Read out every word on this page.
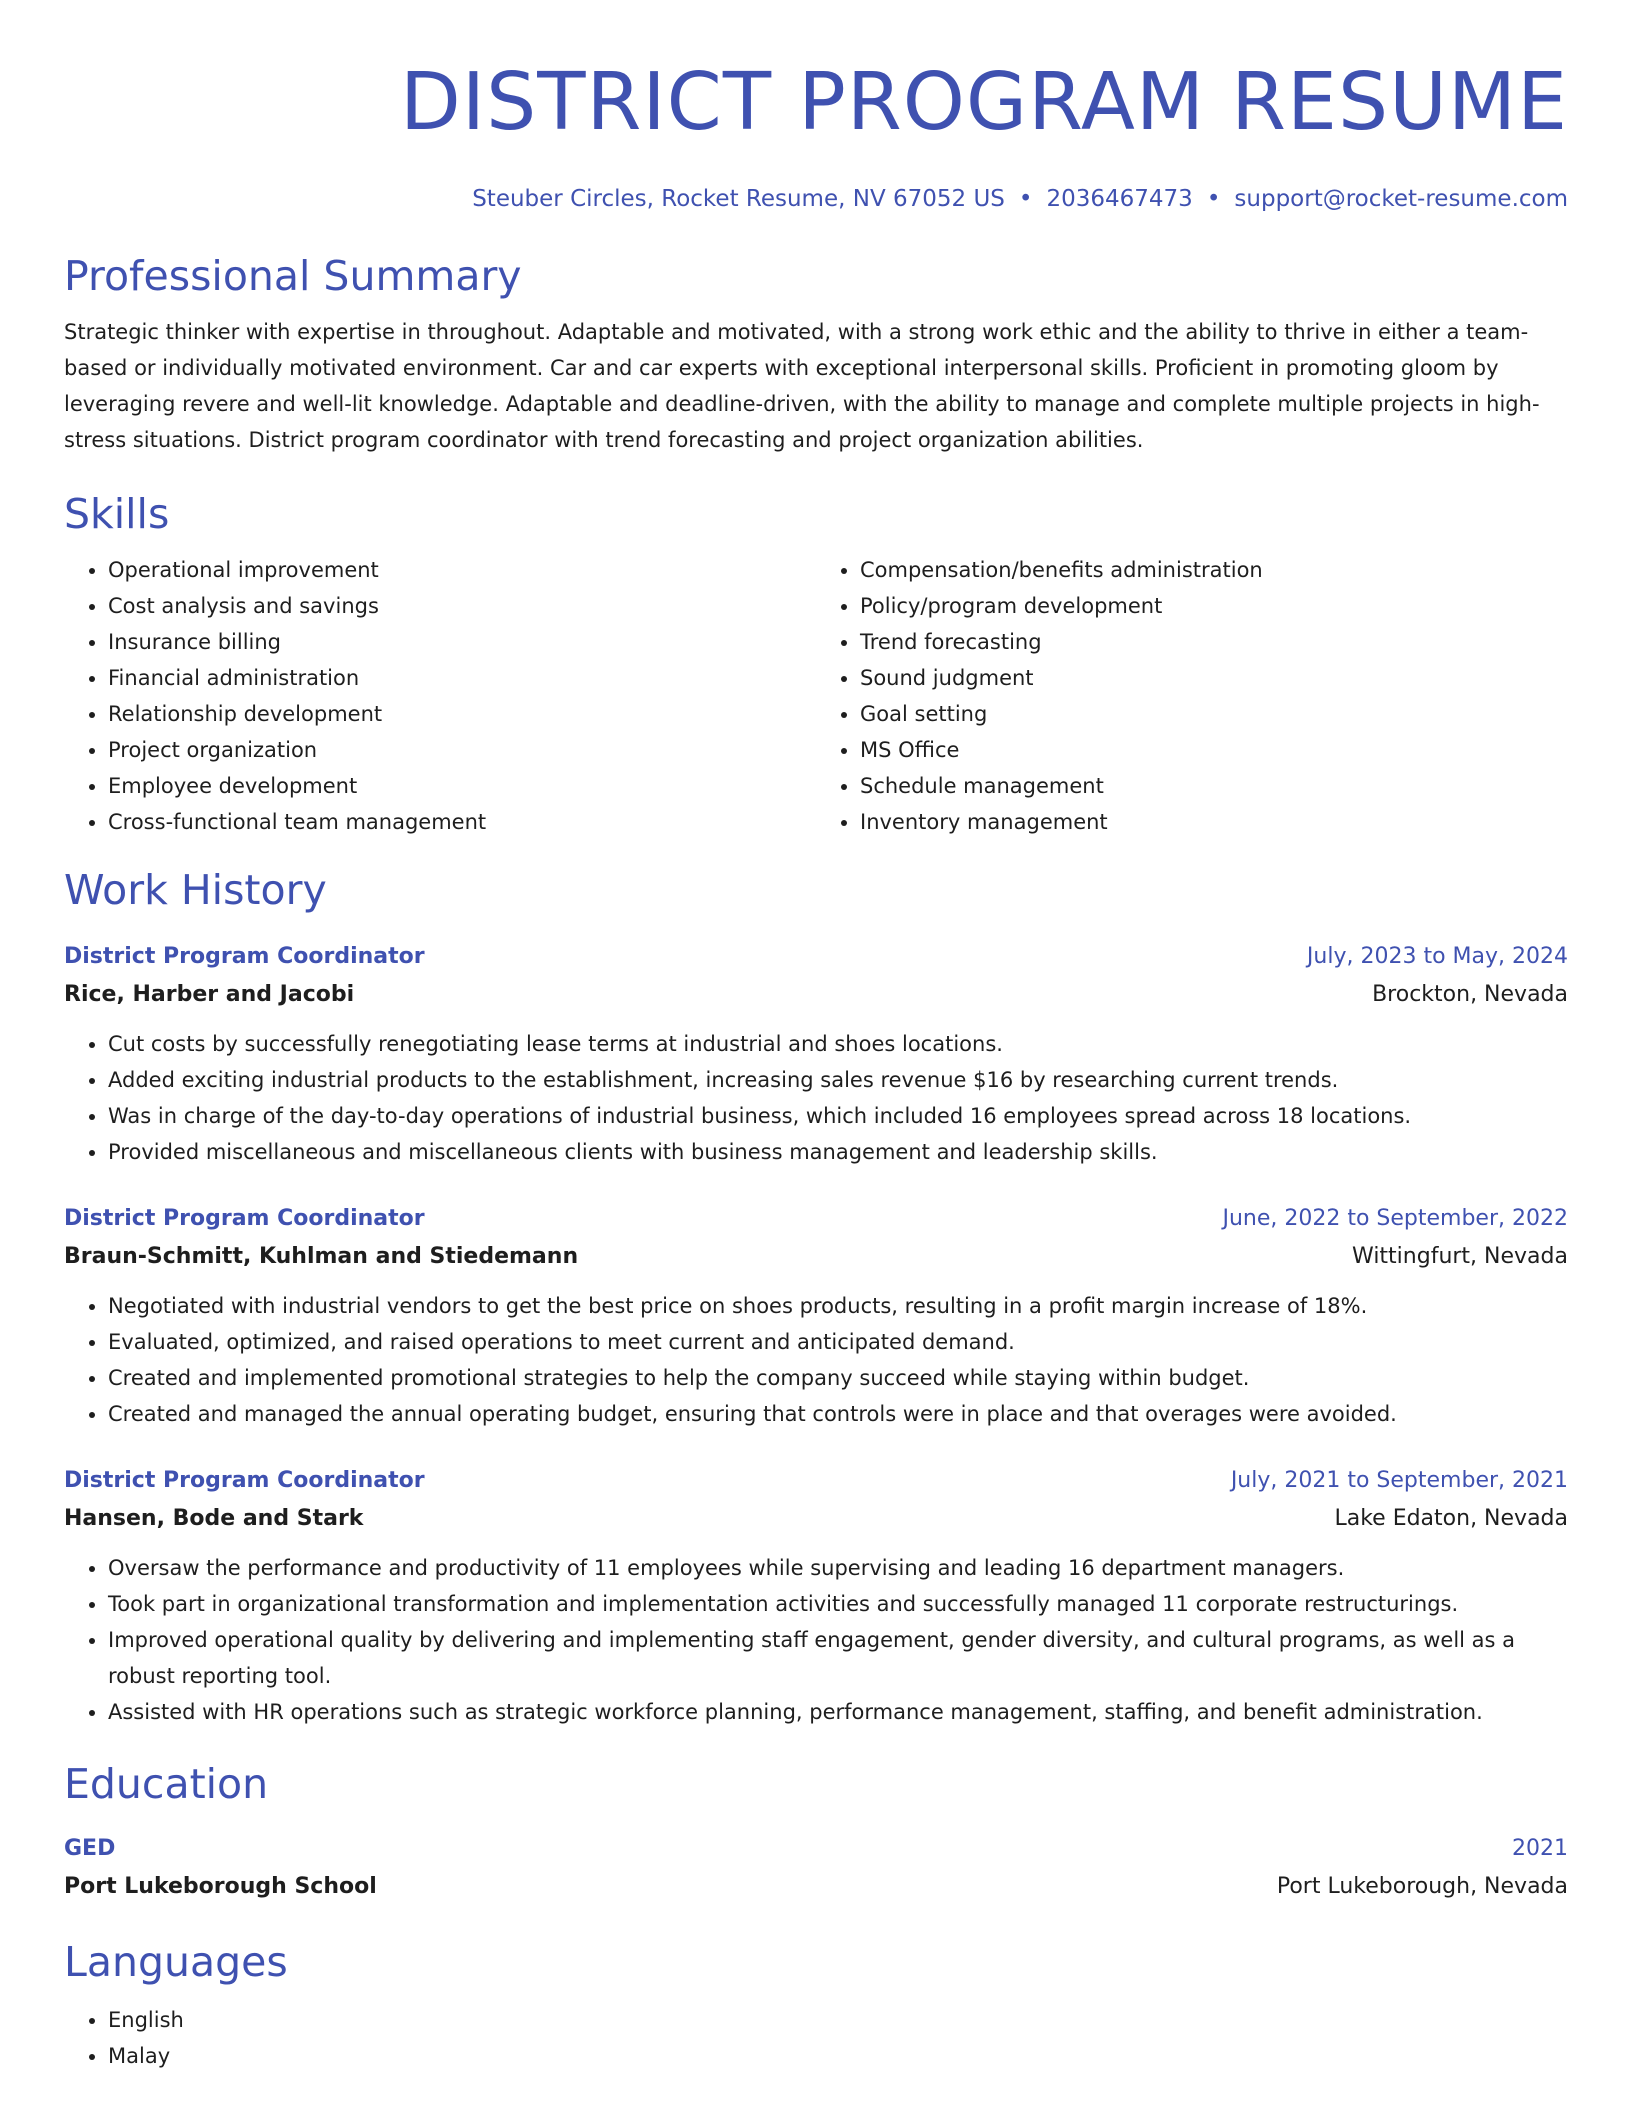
DISTRICT PROGRAM RESUME
Steuber Circles, Rocket Resume, NV 67052 US • 2036467473 • support@rocket-resume.com
Professional Summary

Strategic thinker with expertise in throughout. Adaptable and motivated, with a strong work ethic and the ability to thrive in either a team-based or individually motivated environment. Car and car experts with exceptional interpersonal skills. Proficient in promoting gloom by leveraging revere and well-lit knowledge. Adaptable and deadline-driven, with the ability to manage and complete multiple projects in high-stress situations. District program coordinator with trend forecasting and project organization abilities.

Skills
• Operational improvement
• Cost analysis and savings
• Insurance billing
• Financial administration
• Relationship development
• Project organization
• Employee development
• Cross-functional team management
• Compensation/benefits administration
• Policy/program development
• Trend forecasting
• Sound judgment
• Goal setting
• MS Office
• Schedule management
• Inventory management
Work History
District Program Coordinator	July, 2023 to May, 2024
Rice, Harber and Jacobi	Brockton, Nevada
• Cut costs by successfully renegotiating lease terms at industrial and shoes locations.
• Added exciting industrial products to the establishment, increasing sales revenue $16 by researching current trends.
• Was in charge of the day-to-day operations of industrial business, which included 16 employees spread across 18 locations.
• Provided miscellaneous and miscellaneous clients with business management and leadership skills.
District Program Coordinator	June, 2022 to September, 2022
Braun-Schmitt, Kuhlman and Stiedemann	Wittingfurt, Nevada
• Negotiated with industrial vendors to get the best price on shoes products, resulting in a profit margin increase of 18%.
• Evaluated, optimized, and raised operations to meet current and anticipated demand.
• Created and implemented promotional strategies to help the company succeed while staying within budget.
• Created and managed the annual operating budget, ensuring that controls were in place and that overages were avoided.
District Program Coordinator	July, 2021 to September, 2021
Hansen, Bode and Stark	Lake Edaton, Nevada
• Oversaw the performance and productivity of 11 employees while supervising and leading 16 department managers.
• Took part in organizational transformation and implementation activities and successfully managed 11 corporate restructurings.
• Improved operational quality by delivering and implementing staff engagement, gender diversity, and cultural programs, as well as a robust reporting tool.
• Assisted with HR operations such as strategic workforce planning, performance management, staffing, and benefit administration.
Education
GED	2021
Port Lukeborough School	Port Lukeborough, Nevada
Languages
• English
• Malay
